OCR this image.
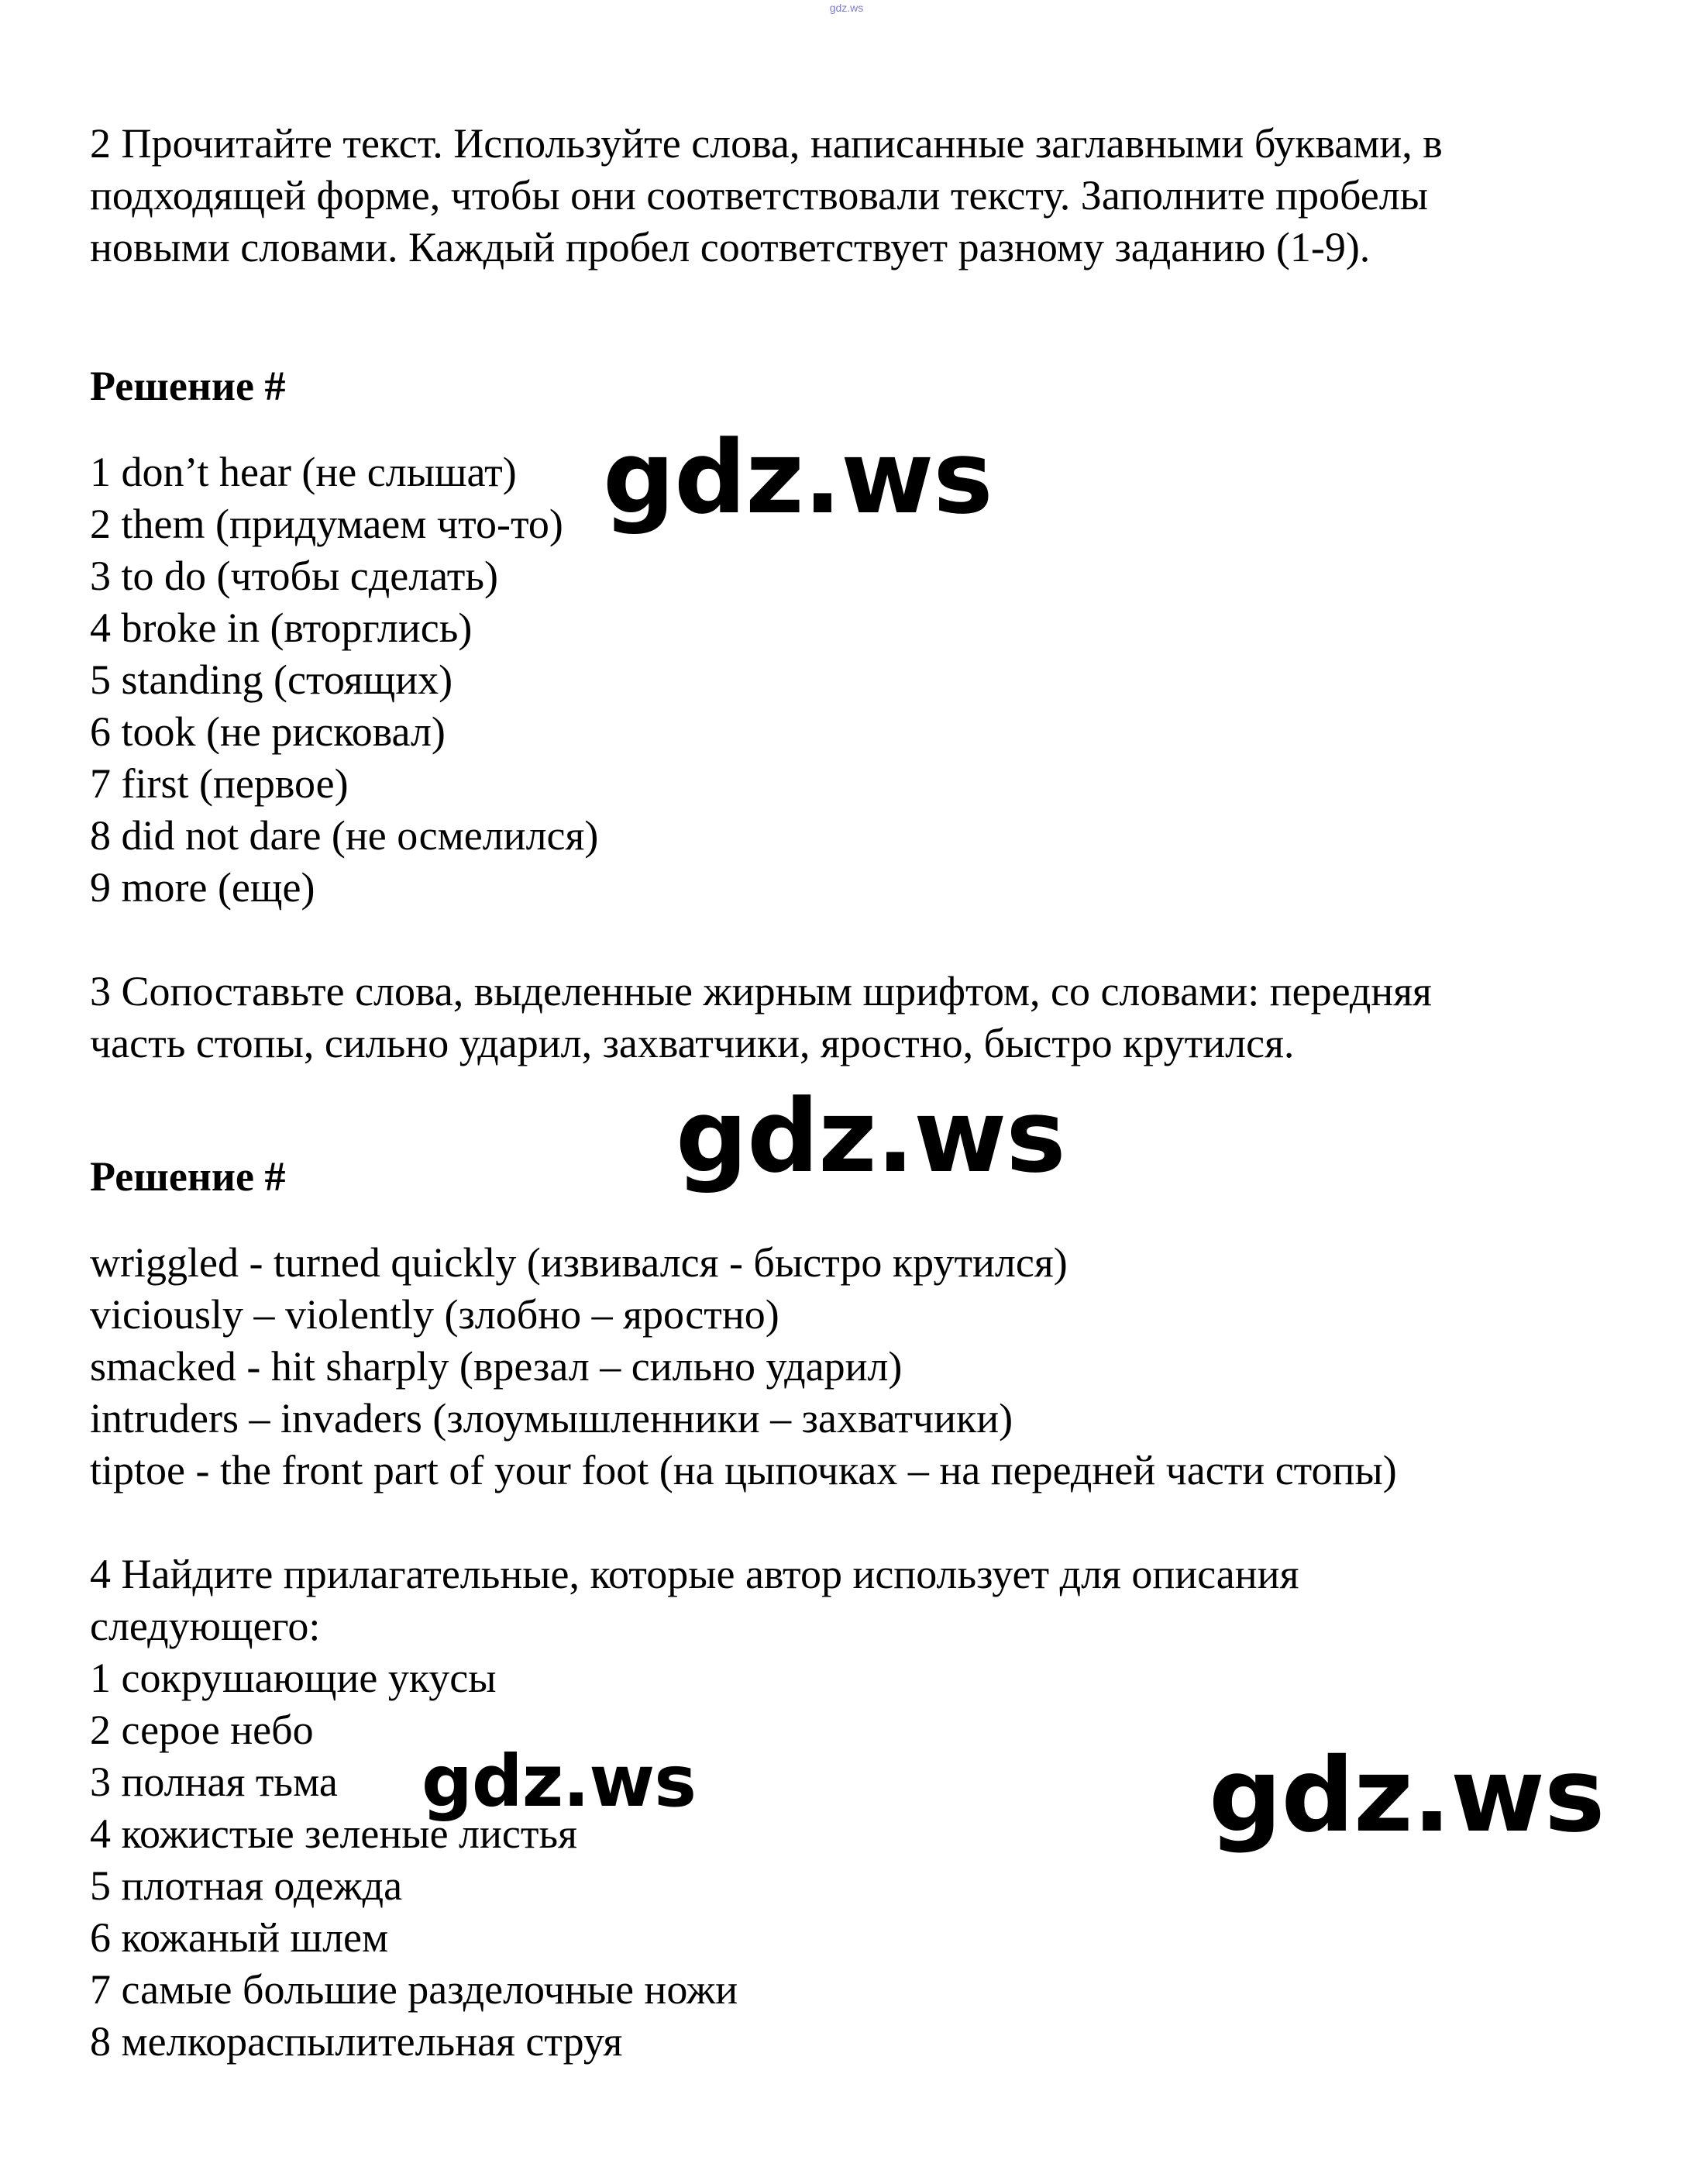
gdz.ws
2 Прочитайте текст. Используйте слова, написанные заглавными буквами, в
подходящей форме, чтобы они соответствовали тексту. Заполните пробелы
новыми словами. Каждый пробел соответствует разному заданию (1-9).
Решение #
1 don’t hear (не слышат)
2 them (придумаем что-то)
3 to do (чтобы сделать)
4 broke in (вторглись)
5 standing (стоящих)
6 took (не рисковал)
7 first (первое)
8 did not dare (не осмелился)
9 more (еще)
3 Сопоставьте слова, выделенные жирным шрифтом, со словами: передняя
часть стопы, сильно ударил, захватчики, яростно, быстро крутился.
Решение #
wriggled - turned quickly (извивался - быстро крутился)
viciously – violently (злобно – яростно)
smacked - hit sharply (врезал – сильно ударил)
intruders – invaders (злоумышленники – захватчики)
tiptoe - the front part of your foot (на цыпочках – на передней части стопы)
4 Найдите прилагательные, которые автор использует для описания
следующего:
1 сокрушающие укусы
2 серое небо
3 полная тьма
4 кожистые зеленые листья
5 плотная одежда
6 кожаный шлем
7 самые большие разделочные ножи
8 мелкораспылительная струя
gdz.ws
gdz.ws
gdz.ws	gdz.ws
